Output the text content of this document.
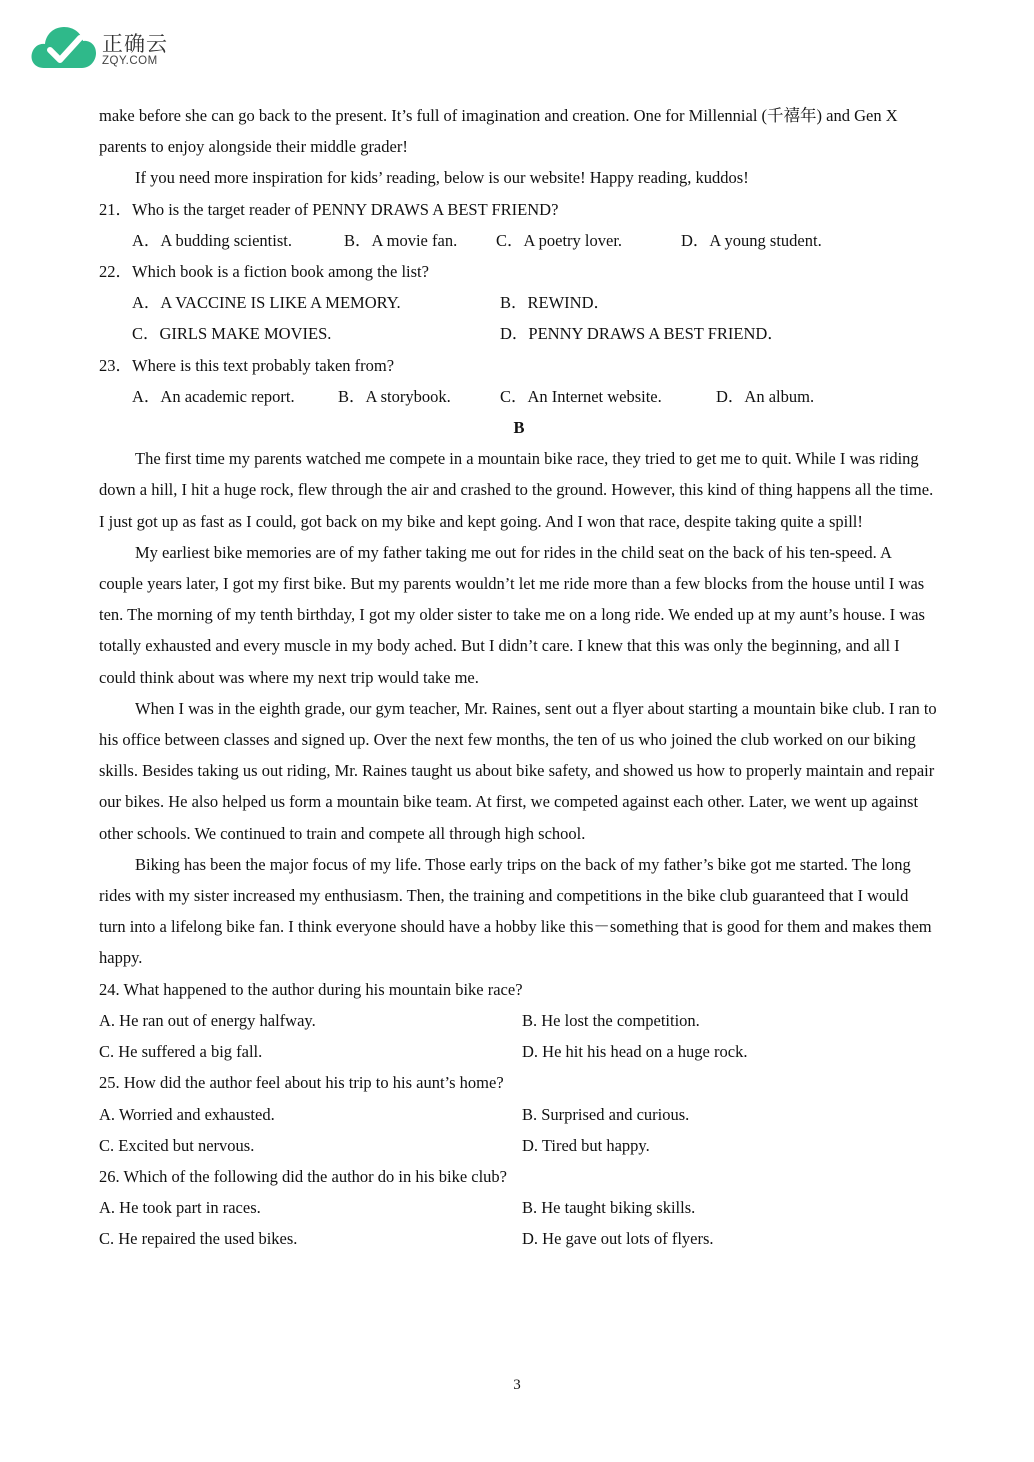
正确云
ZQY.COM

make before she can go back to the present. It’s full of imagination and creation. One for Millennial (千禧年) and Gen X parents to enjoy alongside their middle grader!

If you need more inspiration for kids’ reading, below is our website! Happy reading, kuddos!

21．Who is the target reader of PENNY DRAWS A BEST FRIEND?

A．A budding scientist.	B．A movie fan.	C．A poetry lover.	D．A young student.

22．Which book is a fiction book among the list?

A．A VACCINE IS LIKE A MEMORY.	B．REWIND．
C．GIRLS MAKE MOVIES.	D．PENNY DRAWS A BEST FRIEND．

23．Where is this text probably taken from?

A．An academic report.	B．A storybook.	C．An Internet website.	D．An album.

B

The first time my parents watched me compete in a mountain bike race, they tried to get me to quit. While I was riding down a hill, I hit a huge rock, flew through the air and crashed to the ground. However, this kind of thing happens all the time. I just got up as fast as I could, got back on my bike and kept going. And I won that race, despite taking quite a spill!

My earliest bike memories are of my father taking me out for rides in the child seat on the back of his ten-speed. A couple years later, I got my first bike. But my parents wouldn’t let me ride more than a few blocks from the house until I was ten. The morning of my tenth birthday, I got my older sister to take me on a long ride. We ended up at my aunt’s house. I was totally exhausted and every muscle in my body ached. But I didn’t care. I knew that this was only the beginning, and all I could think about was where my next trip would take me.

When I was in the eighth grade, our gym teacher, Mr. Raines, sent out a flyer about starting a mountain bike club. I ran to his office between classes and signed up. Over the next few months, the ten of us who joined the club worked on our biking skills. Besides taking us out riding, Mr. Raines taught us about bike safety, and showed us how to properly maintain and repair our bikes. He also helped us form a mountain bike team. At first, we competed against each other. Later, we went up against other schools. We continued to train and compete all through high school.

Biking has been the major focus of my life. Those early trips on the back of my father’s bike got me started. The long rides with my sister increased my enthusiasm. Then, the training and competitions in the bike club guaranteed that I would turn into a lifelong bike fan. I think everyone should have a hobby like this－something that is good for them and makes them happy.

24. What happened to the author during his mountain bike race?

A. He ran out of energy halfway.	B. He lost the competition.
C. He suffered a big fall.	D. He hit his head on a huge rock.

25. How did the author feel about his trip to his aunt’s home?

A. Worried and exhausted.	B. Surprised and curious.
C. Excited but nervous.	D. Tired but happy.

26. Which of the following did the author do in his bike club?

A. He took part in races.	B. He taught biking skills.
C. He repaired the used bikes.	D. He gave out lots of flyers.
3
